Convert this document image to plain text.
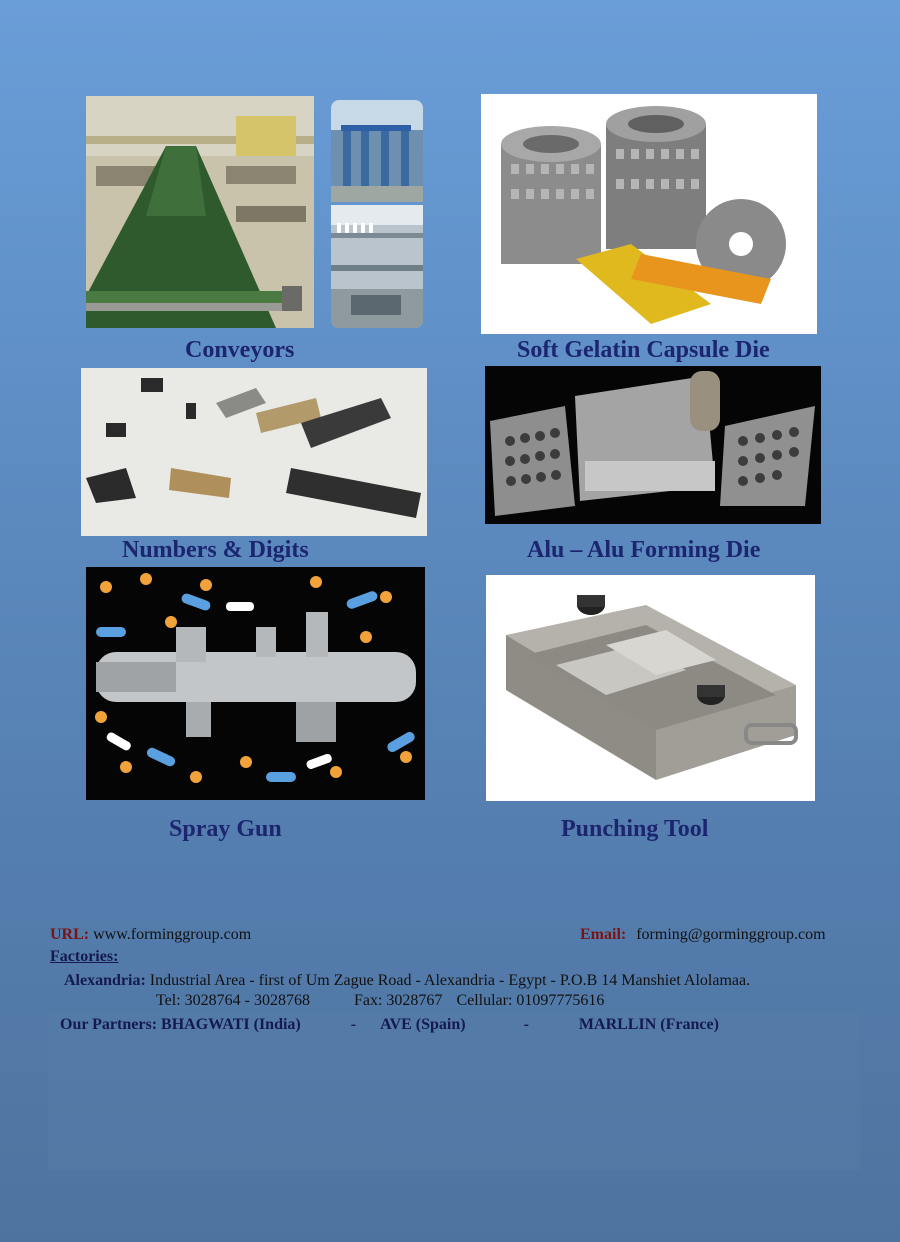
Conveyors	Soft Gelatin Capsule Die
Numbers & Digits	Alu – Alu Forming Die
Spray Gun	Punching Tool
URL: www.forminggroup.com	Email: forming@gorminggroup.com
Factories:
Alexandria: Industrial Area - first of Um Zague Road - Alexandria - Egypt - P.O.B 14 Manshiet Alolamaa.
Tel: 3028764 - 3028768	Fax: 3028767 Cellular: 01097775616
Our Partners: BHAGWATI (India)	- AVE (Spain)	-	MARLLIN (France)
